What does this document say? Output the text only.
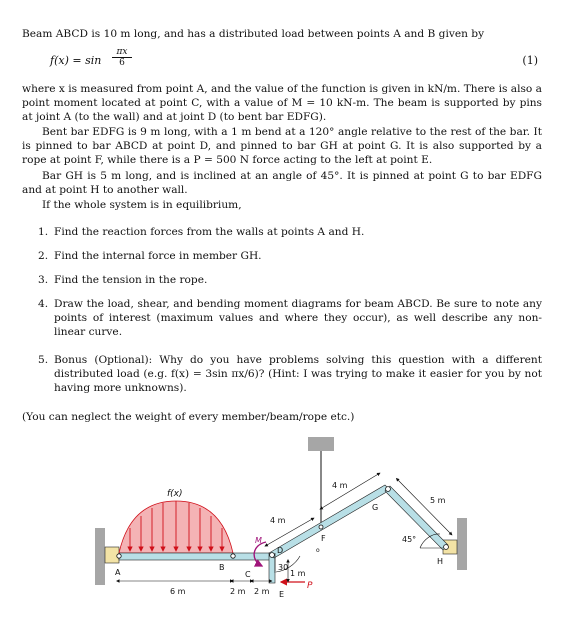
Beam ABCD is 10 m long, and has a distributed load between points A and B given by

$f(x) = \sin \frac{\pi x}{6}$	(1)

where x is measured from point A, and the value of the function is given in kN/m. There is also a point moment located at point C, with a value of M = 10 kN-m. The beam is supported by pins at joint A (to the wall) and at joint D (to bent bar EDFG).

Bent bar EDFG is 9 m long, with a 1 m bend at a 120° angle relative to the rest of the bar. It is pinned to bar ABCD at point D, and pinned to bar GH at point G. It is also supported by a rope at point F, while there is a P = 500 N force acting to the left at point E.

Bar GH is 5 m long, and is inclined at an angle of 45°. It is pinned at point G to bar EDFG and at point H to another wall.

If the whole system is in equilibrium,

1. Find the reaction forces from the walls at points A and H.
2. Find the internal force in member GH.
3. Find the tension in the rope.
4. Draw the load, shear, and bending moment diagrams for beam ABCD. Be sure to note any points of interest (maximum values and where they occur), as well describe any non-linear curve.
5. Bonus (Optional): Why do you have problems solving this question with a different distributed load (e.g. f(x) = 3sin πx/6)? (Hint: I was trying to make it easier for you by not having more unknowns).
(You can neglect the weight of every member/beam/rope etc.)
f(x)
M
P
30
o
45°
A
B
C
D
E
F
G
H
6 m	2 m 2 m
1 m
4 m
4 m
5 m
